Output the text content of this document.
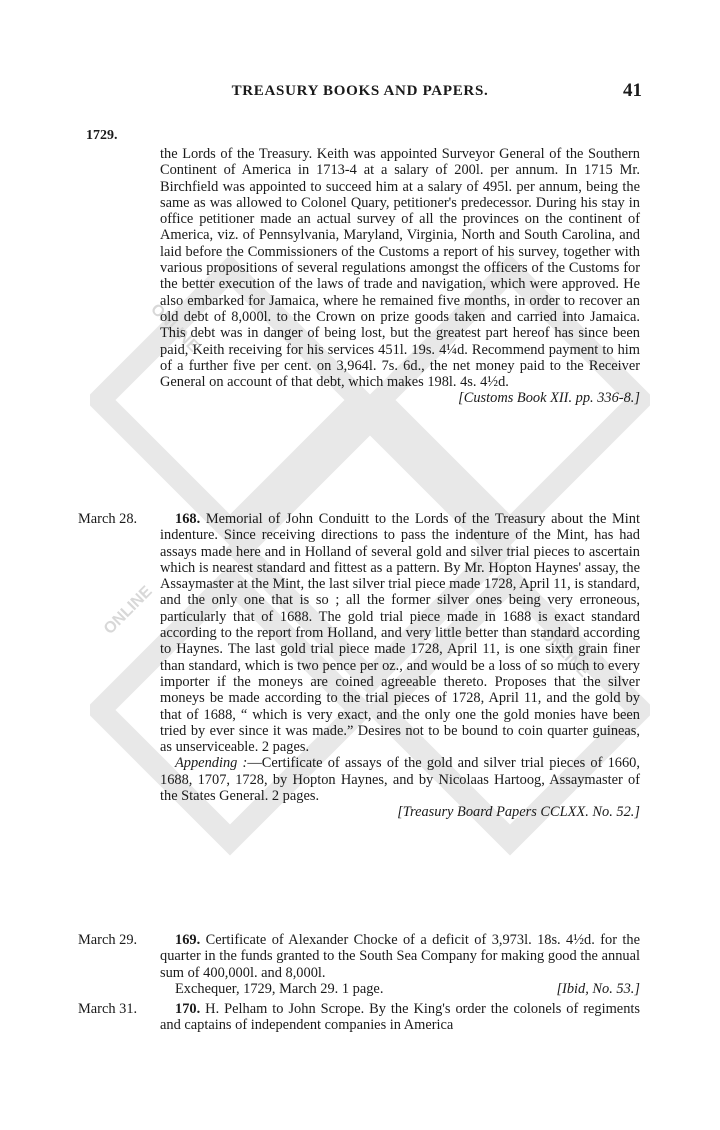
ONLINE
ONLINE
ONLINE
TREASURY BOOKS AND PAPERS.	41
1729.

the Lords of the Treasury. Keith was appointed Surveyor General of the Southern Continent of America in 1713-4 at a salary of 200l. per annum. In 1715 Mr. Birchfield was appointed to succeed him at a salary of 495l. per annum, being the same as was allowed to Colonel Quary, petitioner's predecessor. During his stay in office petitioner made an actual survey of all the provinces on the continent of America, viz. of Pennsylvania, Maryland, Virginia, North and South Carolina, and laid before the Commissioners of the Customs a report of his survey, together with various propositions of several regulations amongst the officers of the Customs for the better execution of the laws of trade and navigation, which were approved. He also embarked for Jamaica, where he remained five months, in order to recover an old debt of 8,000l. to the Crown on prize goods taken and carried into Jamaica. This debt was in danger of being lost, but the greatest part hereof has since been paid, Keith receiving for his services 451l. 19s. 4¼d. Recommend payment to him of a further five per cent. on 3,964l. 7s. 6d., the net money paid to the Receiver General on account of that debt, which makes 198l. 4s. 4½d.

[Customs Book XII. pp. 336-8.]

March 28.	168. Memorial of John Conduitt to the Lords of the Treasury about the Mint indenture. Since receiving directions to pass the indenture of the Mint, has had assays made here and in Holland of several gold and silver trial pieces to ascertain which is nearest standard and fittest as a pattern. By Mr. Hopton Haynes' assay, the Assaymaster at the Mint, the last silver trial piece made 1728, April 11, is standard, and the only one that is so ; all the former silver ones being very erroneous, particularly that of 1688. The gold trial piece made in 1688 is exact standard according to the report from Holland, and very little better than standard according to Haynes. The last gold trial piece made 1728, April 11, is one sixth grain finer than standard, which is two pence per oz., and would be a loss of so much to every importer if the moneys are coined agreeable thereto. Proposes that the silver moneys be made according to the trial pieces of 1728, April 11, and the gold by that of 1688, “ which is very exact, and the only one the gold monies have been tried by ever since it was made.” Desires not to be bound to coin quarter guineas, as unserviceable. 2 pages.

Appending :—Certificate of assays of the gold and silver trial pieces of 1660, 1688, 1707, 1728, by Hopton Haynes, and by Nicolaas Hartoog, Assaymaster of the States General. 2 pages.

[Treasury Board Papers CCLXX. No. 52.]

March 29.	169. Certificate of Alexander Chocke of a deficit of 3,973l. 18s. 4½d. for the quarter in the funds granted to the South Sea Company for making good the annual sum of 400,000l. and 8,000l.

Exchequer, 1729, March 29. 1 page.	[Ibid, No. 53.]
March 31.	170. H. Pelham to John Scrope. By the King's order the colonels of regiments and captains of independent companies in America
